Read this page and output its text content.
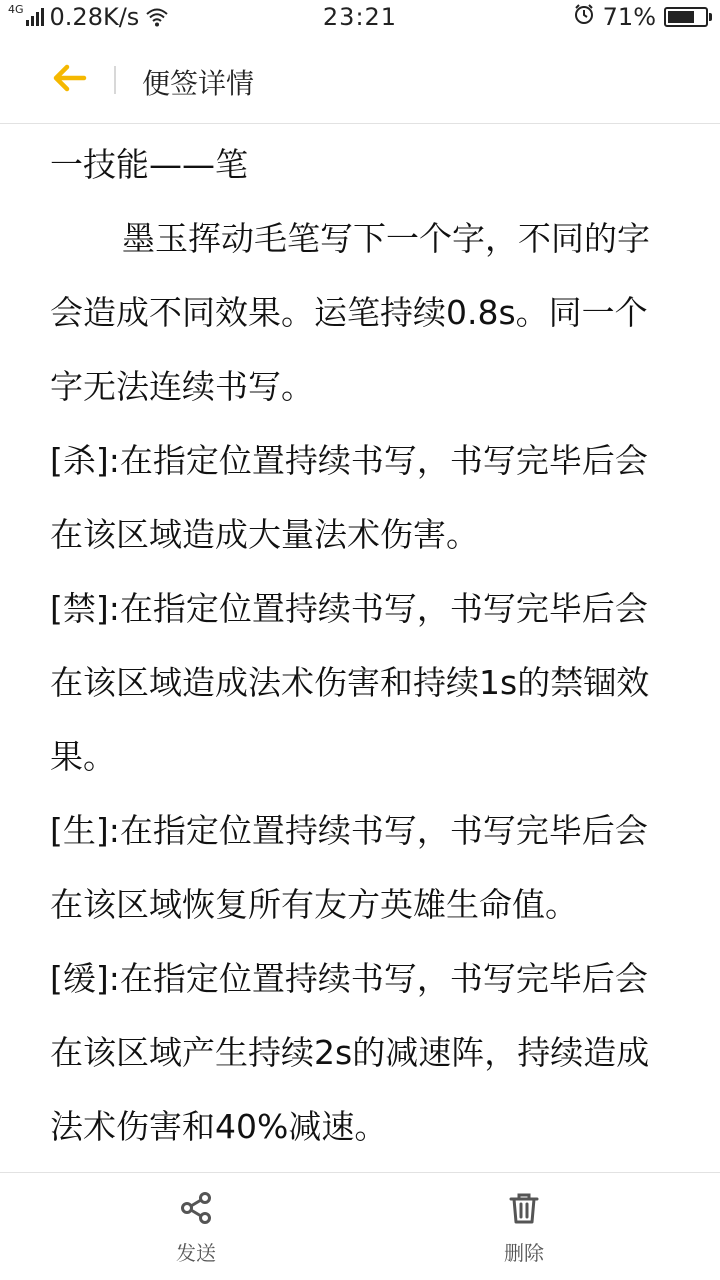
4G 0.28K/s	23:21	71%
便签详情

一技能——笔

墨玉挥动毛笔写下一个字，不同的字会造成不同效果。运笔持续0.8s。同一个字无法连续书写。

[杀]:在指定位置持续书写，书写完毕后会在该区域造成大量法术伤害。

[禁]:在指定位置持续书写，书写完毕后会在该区域造成法术伤害和持续1s的禁锢效果。

[生]:在指定位置持续书写，书写完毕后会在该区域恢复所有友方英雄生命值。

[缓]:在指定位置持续书写，书写完毕后会在该区域产生持续2s的减速阵，持续造成法术伤害和40%减速。

发送	删除
